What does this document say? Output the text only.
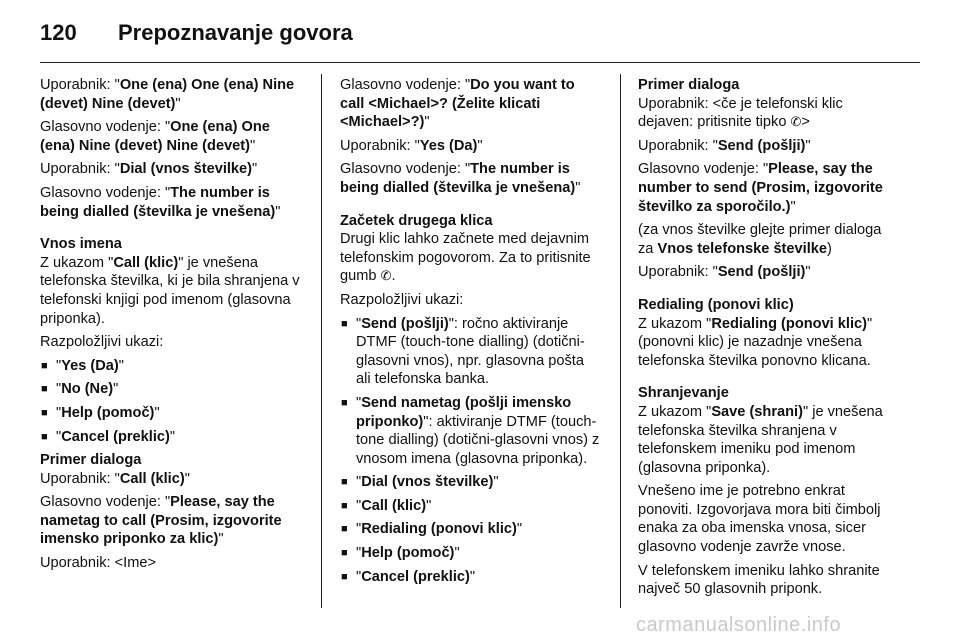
120 Prepoznavanje govora

Uporabnik: "One (ena) One (ena) Nine (devet) Nine (devet)"

Glasovno vodenje: "One (ena) One (ena) Nine (devet) Nine (devet)"

Uporabnik: "Dial (vnos številke)"

Glasovno vodenje: "The number is being dialled (številka je vnešena)"

Vnos imena

Z ukazom "Call (klic)" je vnešena telefonska številka, ki je bila shranjena v telefonski knjigi pod imenom (glasovna priponka).

Razpoložljivi ukazi:

■ "Yes (Da)"
■ "No (Ne)"
■ "Help (pomoč)"
■ "Cancel (preklic)"
Primer dialoga

Uporabnik: "Call (klic)"

Glasovno vodenje: "Please, say the nametag to call (Prosim, izgovorite imensko priponko za klic)"

Uporabnik: <Ime>

Glasovno vodenje: "Do you want to call <Michael>? (Želite klicati <Michael>?)"

Uporabnik: "Yes (Da)"

Glasovno vodenje: "The number is being dialled (številka je vnešena)"

Začetek drugega klica

Drugi klic lahko začnete med dejavnim telefonskim pogovorom. Za to pritisnite gumb ✆.

Razpoložljivi ukazi:

■ "Send (pošlji)": ročno aktiviranje DTMF (touch-tone dialling) (dotični-glasovni vnos), npr. glasovna pošta ali telefonska banka.
■ "Send nametag (pošlji imensko priponko)": aktiviranje DTMF (touch-tone dialling) (dotični-glasovni vnos) z vnosom imena (glasovna priponka).
■ "Dial (vnos številke)"
■ "Call (klic)"
■ "Redialing (ponovi klic)"
■ "Help (pomoč)"
■ "Cancel (preklic)"
Primer dialoga

Uporabnik: <če je telefonski klic dejaven: pritisnite tipko ✆>

Uporabnik: "Send (pošlji)"

Glasovno vodenje: "Please, say the number to send (Prosim, izgovorite številko za sporočilo.)"

(za vnos številke glejte primer dialoga za Vnos telefonske številke)

Uporabnik: "Send (pošlji)"

Redialing (ponovi klic)

Z ukazom "Redialing (ponovi klic)" (ponovni klic) je nazadnje vnešena telefonska številka ponovno klicana.

Shranjevanje

Z ukazom "Save (shrani)" je vnešena telefonska številka shranjena v telefonskem imeniku pod imenom (glasovna priponka).

Vnešeno ime je potrebno enkrat ponoviti. Izgovorjava mora biti čimbolj enaka za oba imenska vnosa, sicer glasovno vodenje zavrže vnose.

V telefonskem imeniku lahko shranite največ 50 glasovnih priponk.

carmanualsonline.info
